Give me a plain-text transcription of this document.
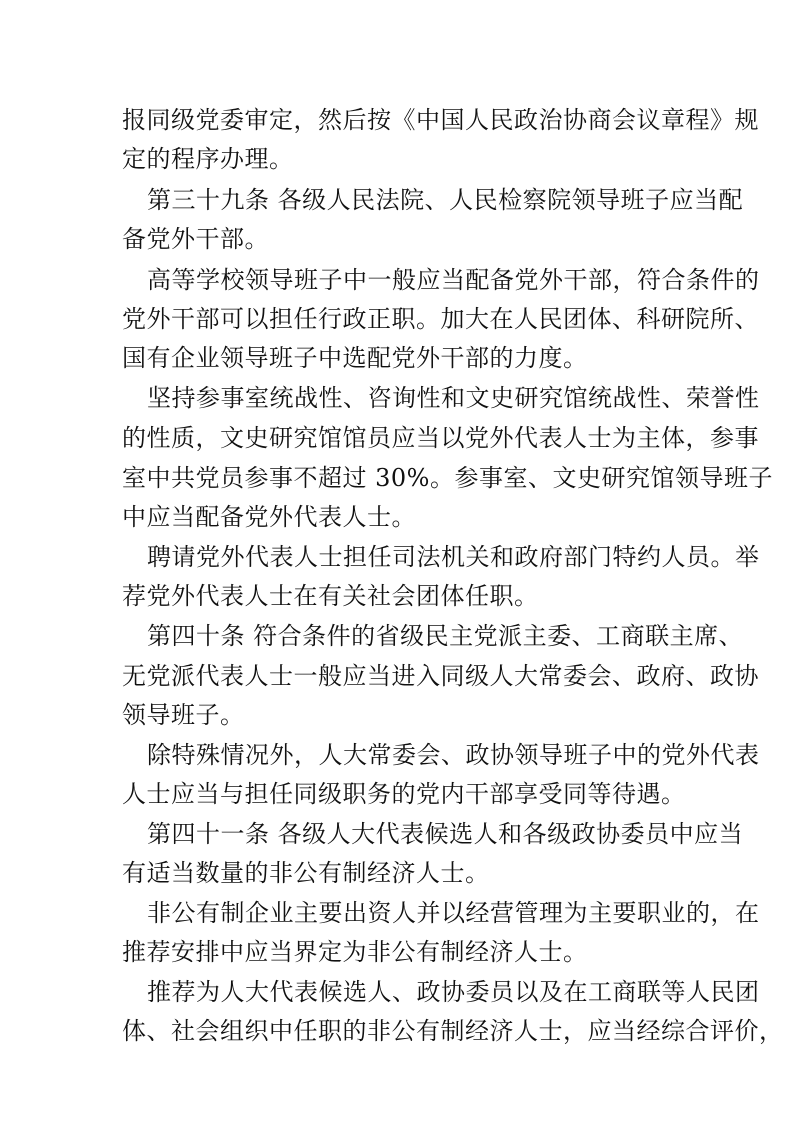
报同级党委审定，然后按《中国人民政治协商会议章程》规
定的程序办理。
第三十九条 各级人民法院、人民检察院领导班子应当配
备党外干部。
高等学校领导班子中一般应当配备党外干部，符合条件的
党外干部可以担任行政正职。加大在人民团体、科研院所、
国有企业领导班子中选配党外干部的力度。
坚持参事室统战性、咨询性和文史研究馆统战性、荣誉性
的性质，文史研究馆馆员应当以党外代表人士为主体，参事
室中共党员参事不超过 30%。参事室、文史研究馆领导班子
中应当配备党外代表人士。
聘请党外代表人士担任司法机关和政府部门特约人员。举
荐党外代表人士在有关社会团体任职。
第四十条 符合条件的省级民主党派主委、工商联主席、
无党派代表人士一般应当进入同级人大常委会、政府、政协
领导班子。
除特殊情况外，人大常委会、政协领导班子中的党外代表
人士应当与担任同级职务的党内干部享受同等待遇。
第四十一条 各级人大代表候选人和各级政协委员中应当
有适当数量的非公有制经济人士。
非公有制企业主要出资人并以经营管理为主要职业的，在
推荐安排中应当界定为非公有制经济人士。
推荐为人大代表候选人、政协委员以及在工商联等人民团
体、社会组织中任职的非公有制经济人士，应当经综合评价，
